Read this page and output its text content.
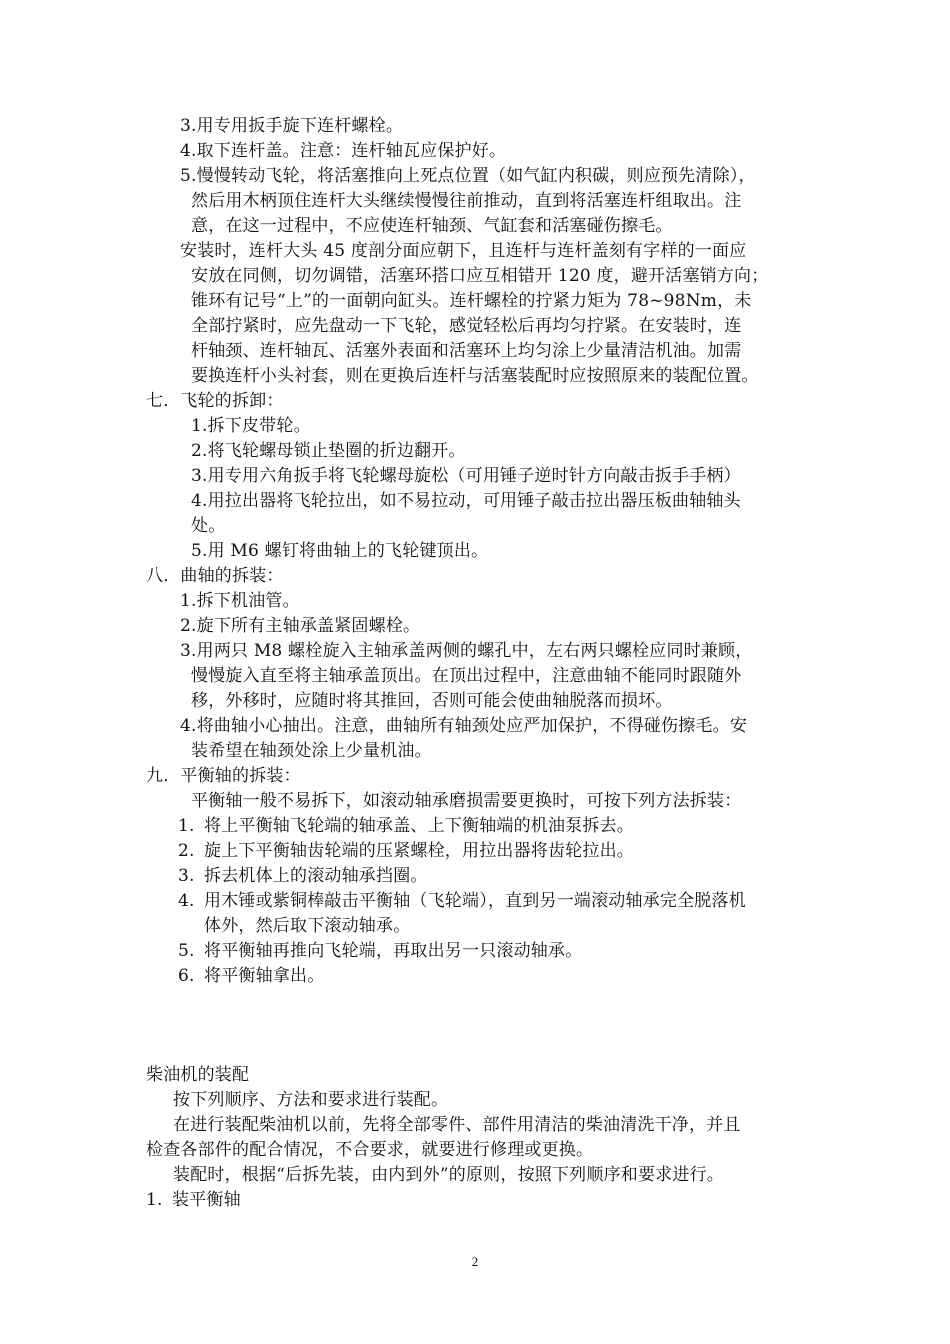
3.用专用扳手旋下连杆螺栓。
4.取下连杆盖。注意：连杆轴瓦应保护好。
5.慢慢转动飞轮，将活塞推向上死点位置（如气缸内积碳，则应预先清除），
然后用木柄顶住连杆大头继续慢慢往前推动，直到将活塞连杆组取出。注
意，在这一过程中，不应使连杆轴颈、气缸套和活塞碰伤擦毛。
安装时，连杆大头 45 度剖分面应朝下，且连杆与连杆盖刻有字样的一面应
安放在同侧，切勿调错，活塞环搭口应互相错开 120 度，避开活塞销方向；
锥环有记号“上”的一面朝向缸头。连杆螺栓的拧紧力矩为 78~98Nm，未
全部拧紧时，应先盘动一下飞轮，感觉轻松后再均匀拧紧。在安装时，连
杆轴颈、连杆轴瓦、活塞外表面和活塞环上均匀涂上少量清洁机油。加需
要换连杆小头衬套，则在更换后连杆与活塞装配时应按照原来的装配位置。
七．飞轮的拆卸：
1.拆下皮带轮。
2.将飞轮螺母锁止垫圈的折边翻开。
3.用专用六角扳手将飞轮螺母旋松（可用锤子逆时针方向敲击扳手手柄）
4.用拉出器将飞轮拉出，如不易拉动，可用锤子敲击拉出器压板曲轴轴头
处。
5.用 M6 螺钉将曲轴上的飞轮键顶出。
八．曲轴的拆装：
1.拆下机油管。
2.旋下所有主轴承盖紧固螺栓。
3.用两只 M8 螺栓旋入主轴承盖两侧的螺孔中，左右两只螺栓应同时兼顾，
慢慢旋入直至将主轴承盖顶出。在顶出过程中，注意曲轴不能同时跟随外
移，外移时，应随时将其推回，否则可能会使曲轴脱落而损坏。
4.将曲轴小心抽出。注意，曲轴所有轴颈处应严加保护，不得碰伤擦毛。安
装希望在轴颈处涂上少量机油。
九．平衡轴的拆装：
平衡轴一般不易拆下，如滚动轴承磨损需要更换时，可按下列方法拆装：
1. 将上平衡轴飞轮端的轴承盖、上下衡轴端的机油泵拆去。
2. 旋上下平衡轴齿轮端的压紧螺栓，用拉出器将齿轮拉出。
3. 拆去机体上的滚动轴承挡圈。
4. 用木锤或紫铜棒敲击平衡轴（飞轮端），直到另一端滚动轴承完全脱落机
体外，然后取下滚动轴承。
5. 将平衡轴再推向飞轮端，再取出另一只滚动轴承。
6. 将平衡轴拿出。
柴油机的装配
按下列顺序、方法和要求进行装配。
在进行装配柴油机以前，先将全部零件、部件用清洁的柴油清洗干净，并且
检查各部件的配合情况，不合要求，就要进行修理或更换。
装配时，根据“后拆先装，由内到外”的原则，按照下列顺序和要求进行。
1. 装平衡轴
2
